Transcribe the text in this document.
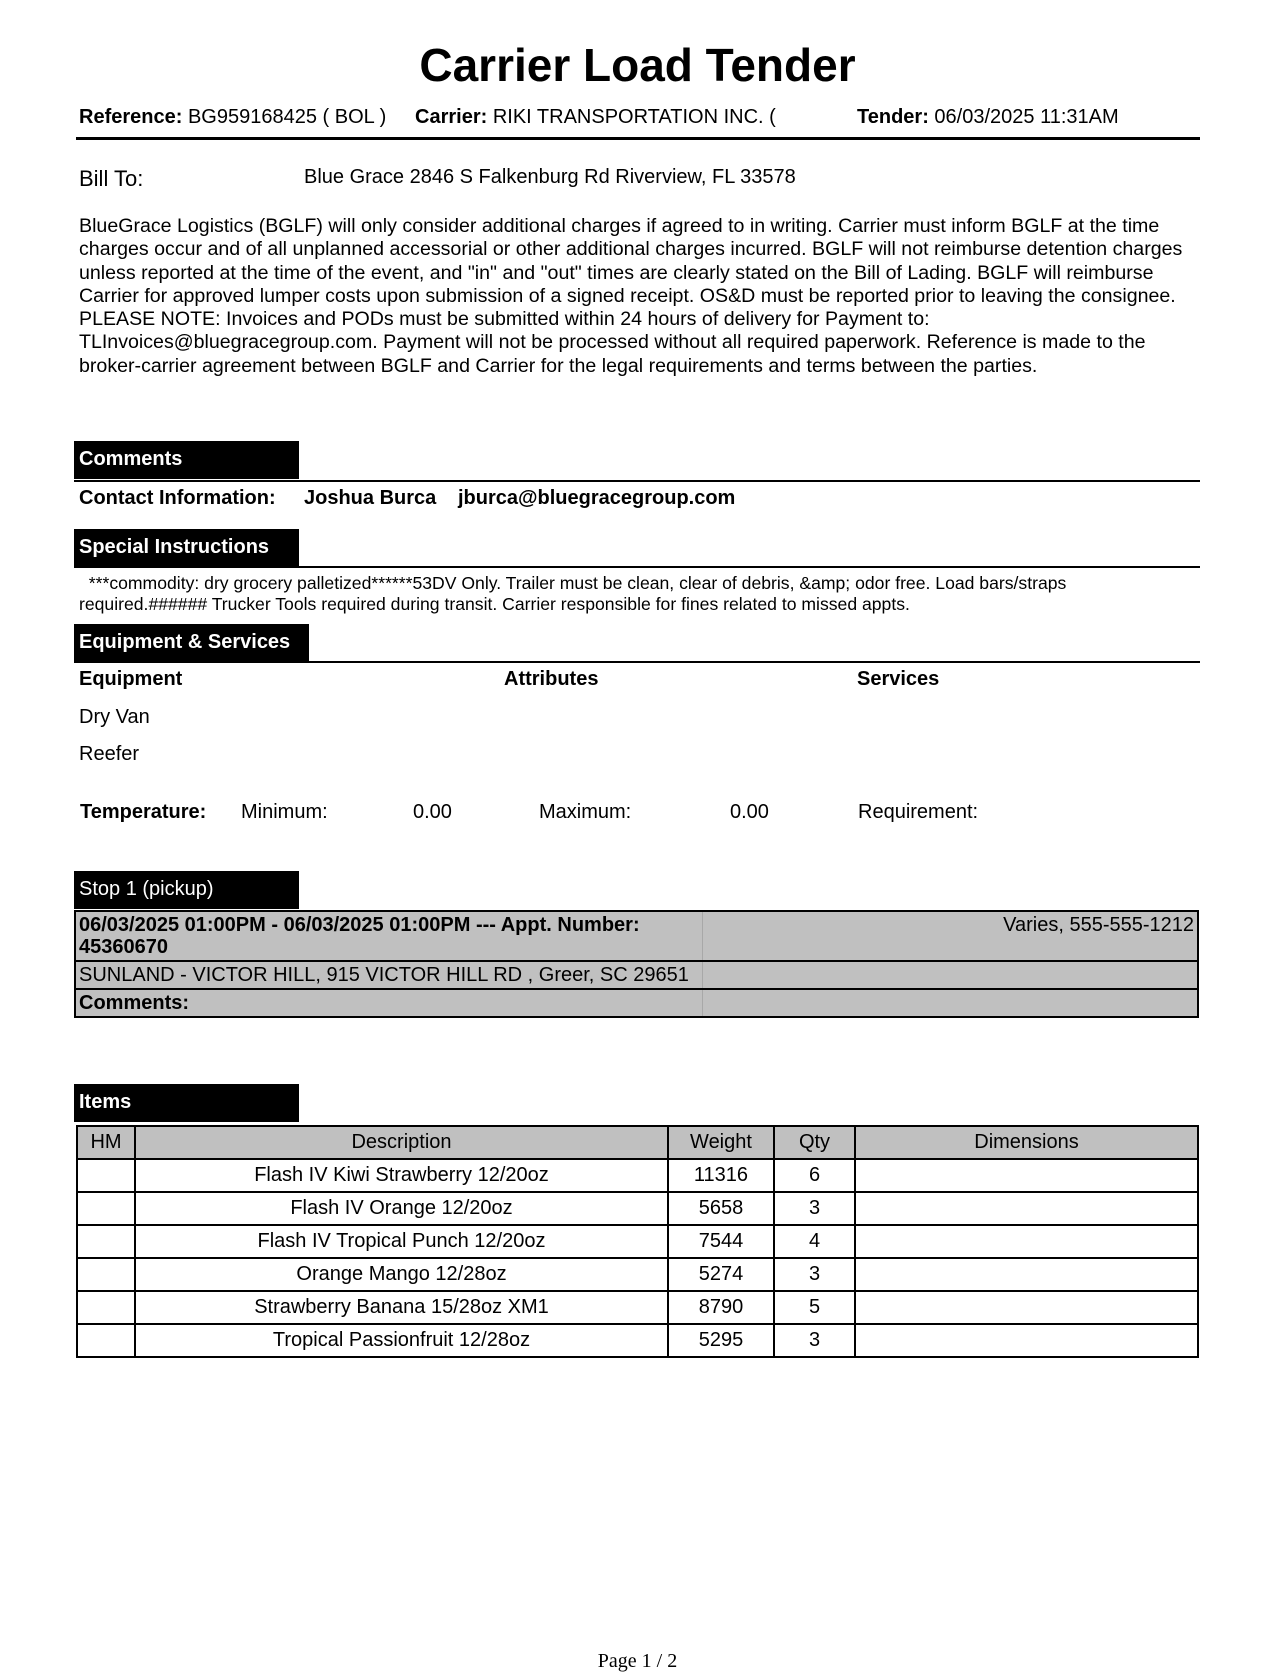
Carrier Load Tender
Reference: BG959168425 ( BOL ) Carrier: RIKI TRANSPORTATION INC. (	Tender: 06/03/2025 11:31AM
Bill To:	Blue Grace 2846 S Falkenburg Rd Riverview, FL 33578
BlueGrace Logistics (BGLF) will only consider additional charges if agreed to in writing. Carrier must inform BGLF at the time charges occur and of all unplanned accessorial or other additional charges incurred. BGLF will not reimburse detention charges unless reported at the time of the event, and "in" and "out" times are clearly stated on the Bill of Lading. BGLF will reimburse Carrier for approved lumper costs upon submission of a signed receipt. OS&D must be reported prior to leaving the consignee. PLEASE NOTE: Invoices and PODs must be submitted within 24 hours of delivery for Payment to: TLInvoices@bluegracegroup.com. Payment will not be processed without all required paperwork. Reference is made to the broker-carrier agreement between BGLF and Carrier for the legal requirements and terms between the parties.
Comments
Contact Information: Joshua Burca jburca@bluegracegroup.com
Special Instructions
***commodity: dry grocery palletized******53DV Only. Trailer must be clean, clear of debris, &amp; odor free. Load bars/straps required.###### Trucker Tools required during transit. Carrier responsible for fines related to missed appts.
Equipment & Services
Equipment	Attributes	Services
Dry Van
Reefer
Temperature: Minimum:	0.00	Maximum:	0.00	Requirement:
Stop 1 (pickup)
06/03/2025 01:00PM - 06/03/2025 01:00PM --- Appt. Number: 45360670
Varies, 555-555-1212
SUNLAND - VICTOR HILL, 915 VICTOR HILL RD , Greer, SC 29651
Comments:
Items
HM	Description	Weight	Qty	Dimensions
	Flash IV Kiwi Strawberry 12/20oz	11316	6	
	Flash IV Orange 12/20oz	5658	3	
	Flash IV Tropical Punch 12/20oz	7544	4	
	Orange Mango 12/28oz	5274	3	
	Strawberry Banana 15/28oz XM1	8790	5	
	Tropical Passionfruit 12/28oz	5295	3	
Page 1 / 2
